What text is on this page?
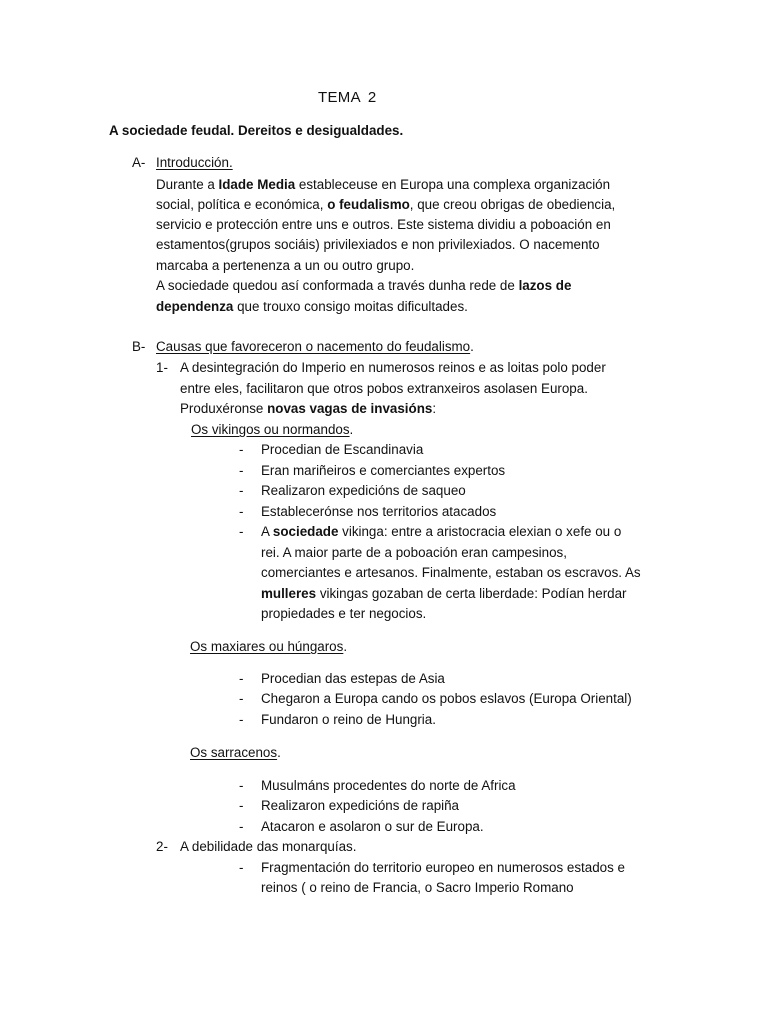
TEMA 2
A sociedade feudal. Dereitos e desigualdades.
A- Introducción.
Durante a Idade Media estableceuse en Europa una complexa organización
social, política e económica, o feudalismo, que creou obrigas de obediencia,
servicio e protección entre uns e outros. Este sistema dividiu a poboación en
estamentos(grupos sociáis) privilexiados e non privilexiados. O nacemento
marcaba a pertenenza a un ou outro grupo.
A sociedade quedou así conformada a través dunha rede de lazos de
dependenza que trouxo consigo moitas dificultades.
B- Causas que favoreceron o nacemento do feudalismo.
1- A desintegración do Imperio en numerosos reinos e as loitas polo poder
entre eles, facilitaron que otros pobos extranxeiros asolasen Europa.
Produxéronse novas vagas de invasións:
Os vikingos ou normandos.
- Procedian de Escandinavia
- Eran mariñeiros e comerciantes expertos
- Realizaron expedicións de saqueo
- Establecerónse nos territorios atacados
- A sociedade vikinga: entre a aristocracia elexian o xefe ou o
rei. A maior parte de a poboación eran campesinos,
comerciantes e artesanos. Finalmente, estaban os escravos. As
mulleres vikingas gozaban de certa liberdade: Podían herdar
propiedades e ter negocios.
Os maxiares ou húngaros.
- Procedian das estepas de Asia
- Chegaron a Europa cando os pobos eslavos (Europa Oriental)
- Fundaron o reino de Hungria.
Os sarracenos.
- Musulmáns procedentes do norte de Africa
- Realizaron expedicións de rapiña
- Atacaron e asolaron o sur de Europa.
2- A debilidade das monarquías.
- Fragmentación do territorio europeo en numerosos estados e
reinos ( o reino de Francia, o Sacro Imperio Romano
